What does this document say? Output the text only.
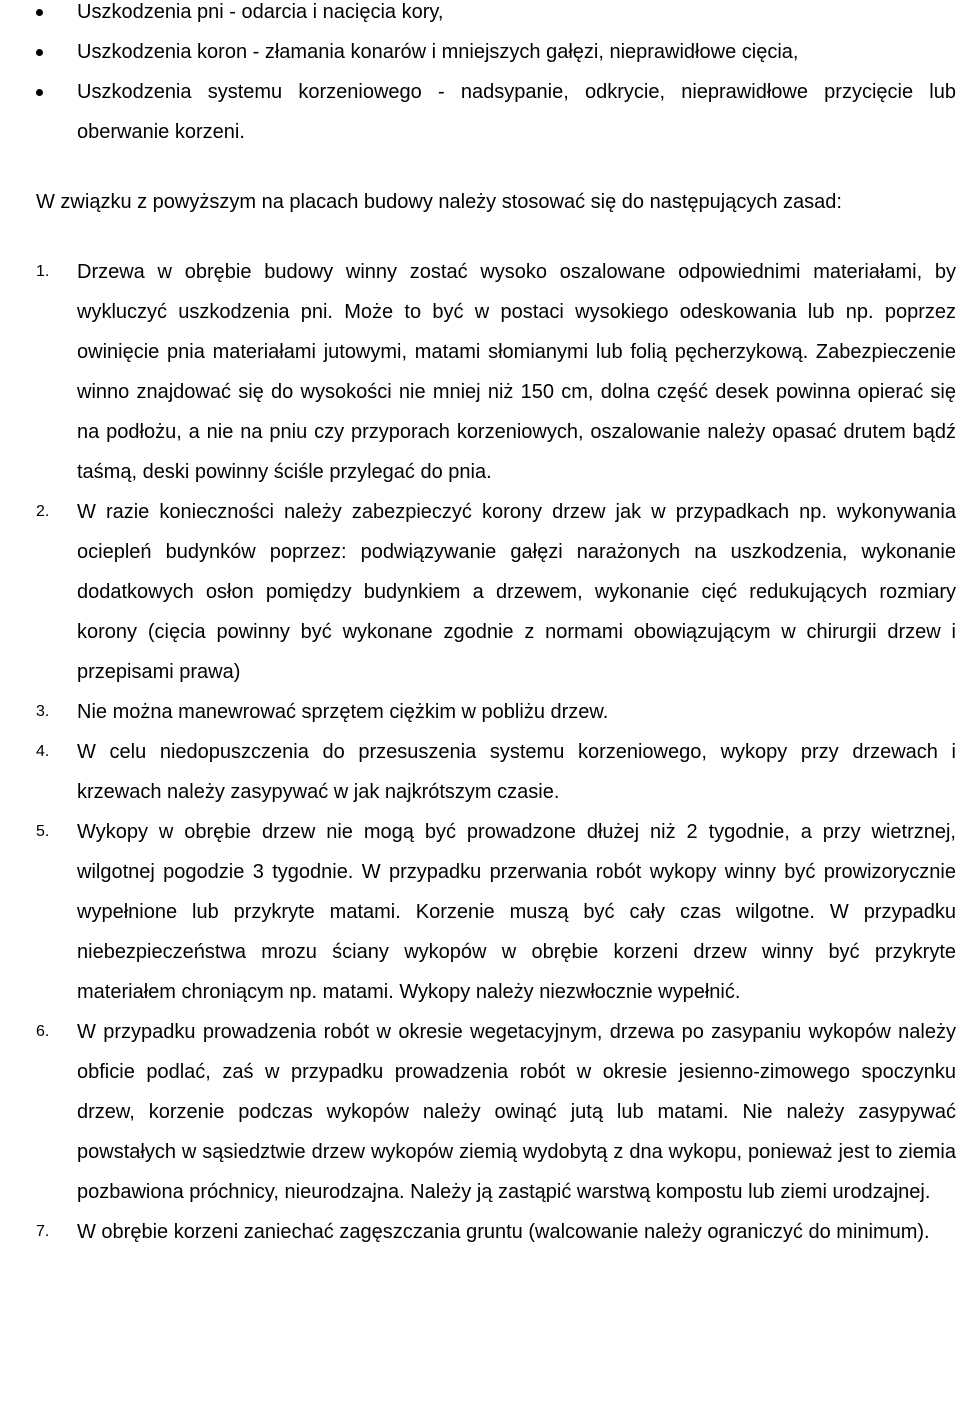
Uszkodzenia pni - odarcia i nacięcia kory,
Uszkodzenia koron - złamania konarów i mniejszych gałęzi, nieprawidłowe cięcia,
Uszkodzenia systemu korzeniowego - nadsypanie, odkrycie, nieprawidłowe przycięcie lub oberwanie korzeni.

W związku z powyższym na placach budowy należy stosować się do następujących zasad:

1. Drzewa w obrębie budowy winny zostać wysoko oszalowane odpowiednimi materiałami, by wykluczyć uszkodzenia pni. Może to być w postaci wysokiego odeskowania lub np. poprzez owinięcie pnia materiałami jutowymi, matami słomianymi lub folią pęcherzykową. Zabezpieczenie winno znajdować się do wysokości nie mniej niż 150 cm, dolna część desek powinna opierać się na podłożu, a nie na pniu czy przyporach korzeniowych, oszalowanie należy opasać drutem bądź taśmą, deski powinny ściśle przylegać do pnia.
2. W razie konieczności należy zabezpieczyć korony drzew jak w przypadkach np. wykonywania ociepleń budynków poprzez: podwiązywanie gałęzi narażonych na uszkodzenia, wykonanie dodatkowych osłon pomiędzy budynkiem a drzewem, wykonanie cięć redukujących rozmiary korony (cięcia powinny być wykonane zgodnie z normami obowiązującym w chirurgii drzew i przepisami prawa)
3. Nie można manewrować sprzętem ciężkim w pobliżu drzew.
4. W celu niedopuszczenia do przesuszenia systemu korzeniowego, wykopy przy drzewach i krzewach należy zasypywać w jak najkrótszym czasie.
5. Wykopy w obrębie drzew nie mogą być prowadzone dłużej niż 2 tygodnie, a przy wietrznej, wilgotnej pogodzie 3 tygodnie. W przypadku przerwania robót wykopy winny być prowizorycznie wypełnione lub przykryte matami. Korzenie muszą być cały czas wilgotne. W przypadku niebezpieczeństwa mrozu ściany wykopów w obrębie korzeni drzew winny być przykryte materiałem chroniącym np. matami. Wykopy należy niezwłocznie wypełnić.
6. W przypadku prowadzenia robót w okresie wegetacyjnym, drzewa po zasypaniu wykopów należy obficie podlać, zaś w przypadku prowadzenia robót w okresie jesienno-zimowego spoczynku drzew, korzenie podczas wykopów należy owinąć jutą lub matami. Nie należy zasypywać powstałych w sąsiedztwie drzew wykopów ziemią wydobytą z dna wykopu, ponieważ jest to ziemia pozbawiona próchnicy, nieurodzajna. Należy ją zastąpić warstwą kompostu lub ziemi urodzajnej.
7. W obrębie korzeni zaniechać zagęszczania gruntu (walcowanie należy ograniczyć do minimum).
